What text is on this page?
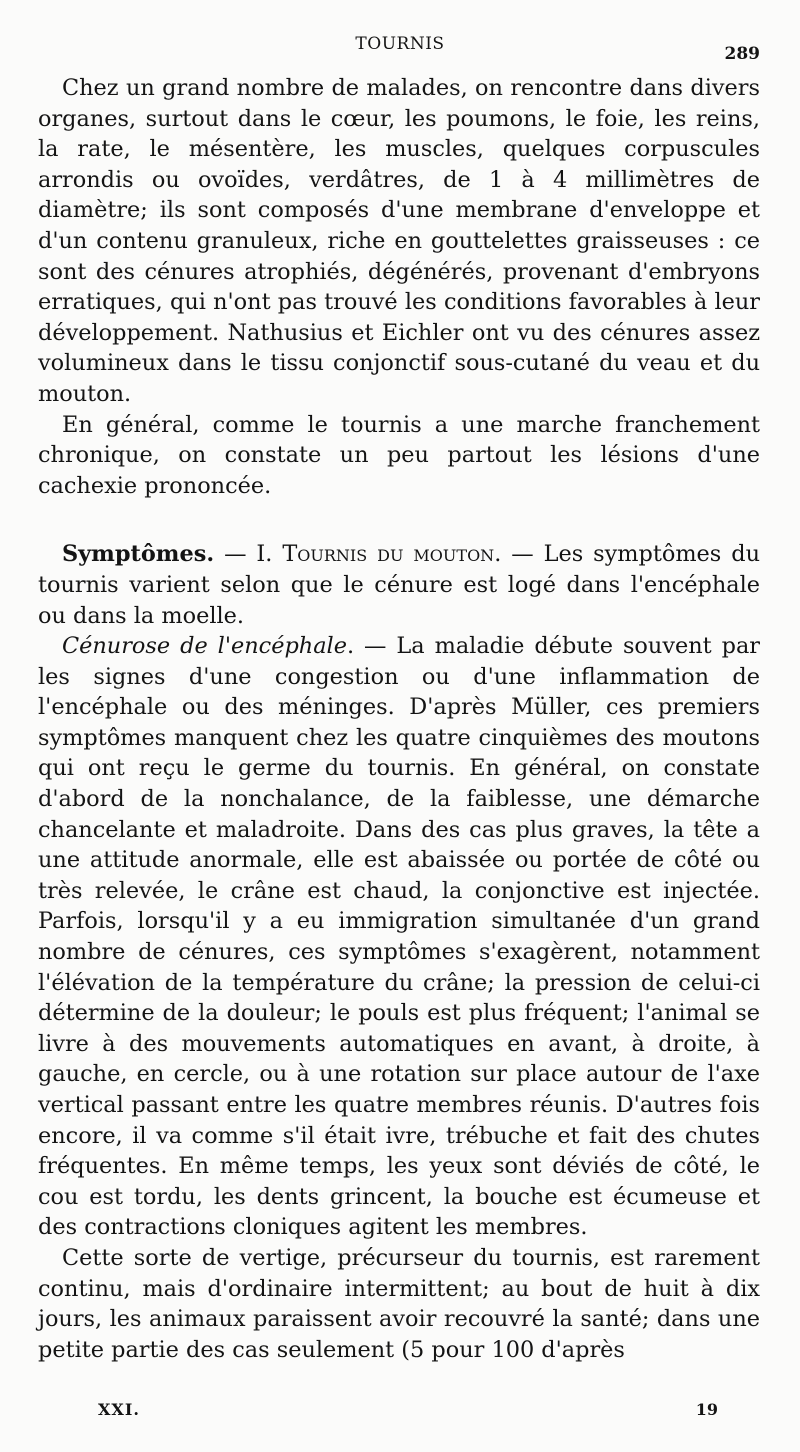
TOURNIS	289

Chez un grand nombre de malades, on rencontre dans divers organes, surtout dans le cœur, les poumons, le foie, les reins, la rate, le mésentère, les muscles, quelques corpuscules arrondis ou ovoïdes, verdâtres, de 1 à 4 millimètres de diamètre; ils sont composés d'une membrane d'enveloppe et d'un contenu granuleux, riche en gouttelettes graisseuses : ce sont des cénures atrophiés, dégénérés, provenant d'embryons erratiques, qui n'ont pas trouvé les conditions favorables à leur développement. Nathusius et Eichler ont vu des cénures assez volumineux dans le tissu conjonctif sous-cutané du veau et du mouton.

En général, comme le tournis a une marche franchement chronique, on constate un peu partout les lésions d'une cachexie prononcée.

Symptômes. — I. Tournis du mouton. — Les symptômes du tournis varient selon que le cénure est logé dans l'encéphale ou dans la moelle.

Cénurose de l'encéphale. — La maladie débute souvent par les signes d'une congestion ou d'une inflammation de l'encéphale ou des méninges. D'après Müller, ces premiers symptômes manquent chez les quatre cinquièmes des moutons qui ont reçu le germe du tournis. En général, on constate d'abord de la nonchalance, de la faiblesse, une démarche chancelante et maladroite. Dans des cas plus graves, la tête a une attitude anormale, elle est abaissée ou portée de côté ou très relevée, le crâne est chaud, la conjonctive est injectée. Parfois, lorsqu'il y a eu immigration simultanée d'un grand nombre de cénures, ces symptômes s'exagèrent, notamment l'élévation de la température du crâne; la pression de celui-ci détermine de la douleur; le pouls est plus fréquent; l'animal se livre à des mouvements automatiques en avant, à droite, à gauche, en cercle, ou à une rotation sur place autour de l'axe vertical passant entre les quatre membres réunis. D'autres fois encore, il va comme s'il était ivre, trébuche et fait des chutes fréquentes. En même temps, les yeux sont déviés de côté, le cou est tordu, les dents grincent, la bouche est écumeuse et des contractions cloniques agitent les membres.

Cette sorte de vertige, précurseur du tournis, est rarement continu, mais d'ordinaire intermittent; au bout de huit à dix jours, les animaux paraissent avoir recouvré la santé; dans une petite partie des cas seulement (5 pour 100 d'après

XXI.	19
